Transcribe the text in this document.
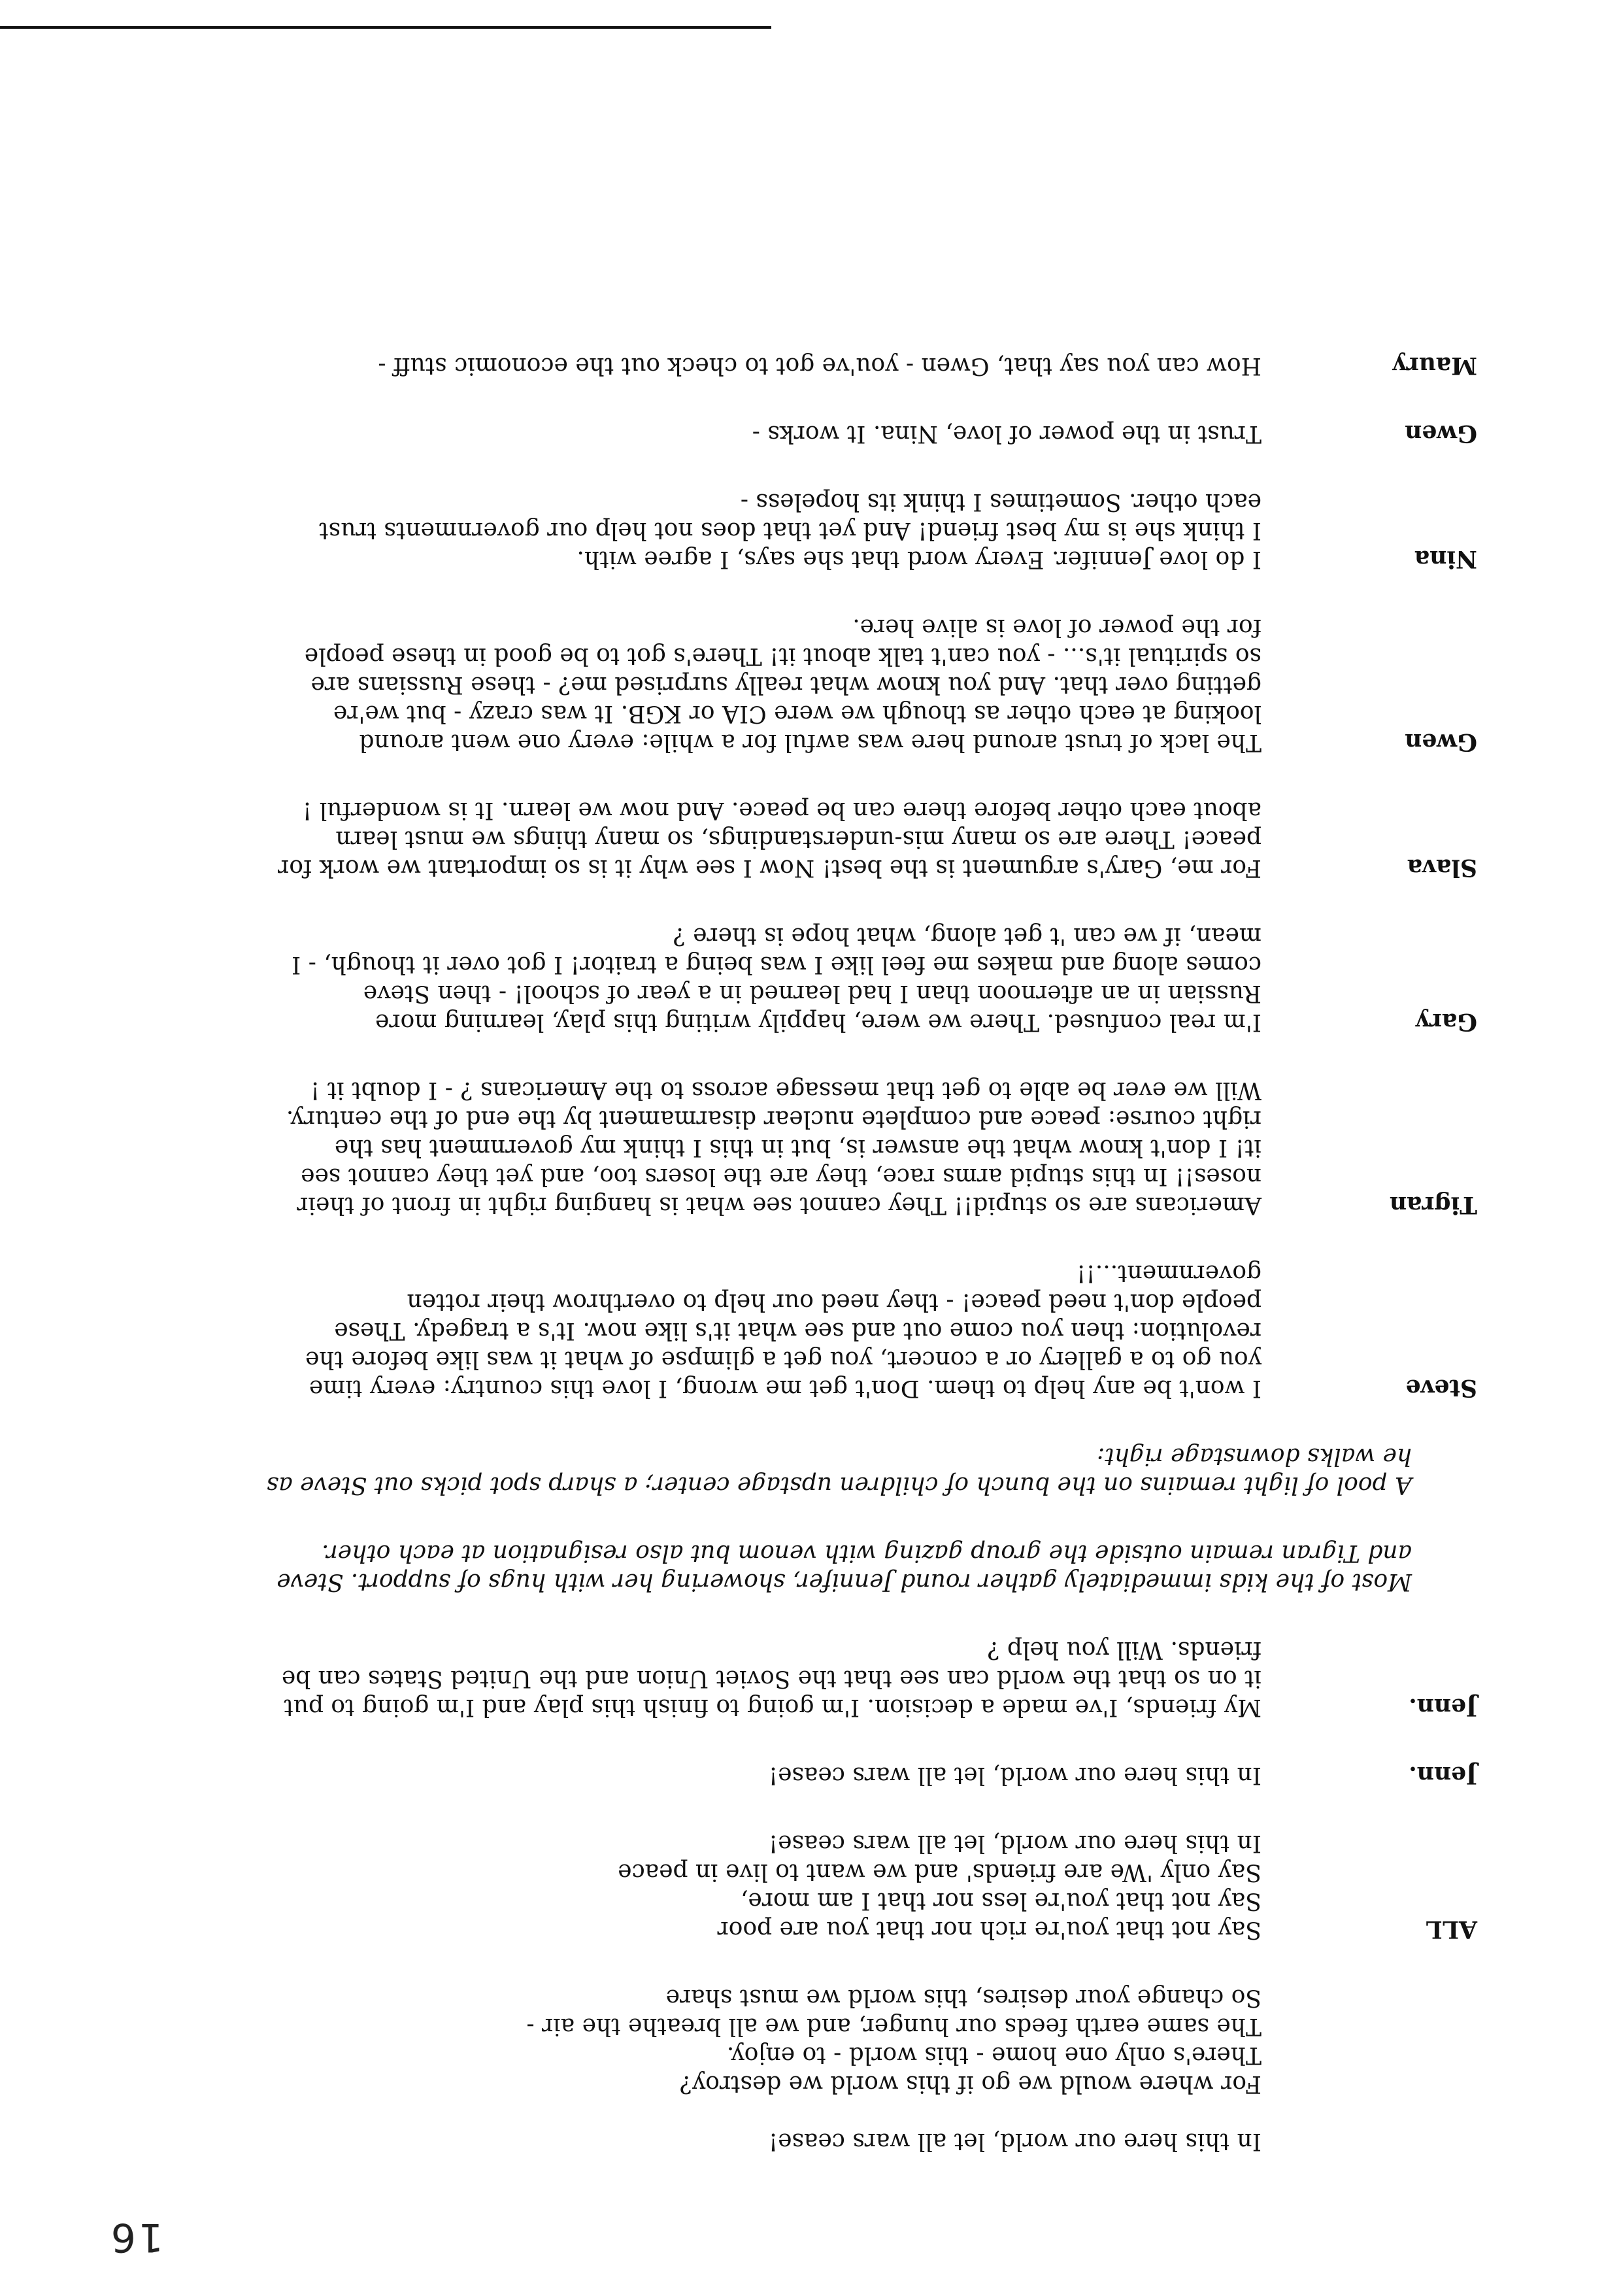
16
In this here our world, let all wars cease!
For where would we go if this world we destroy?
There's only one home - this world - to enjoy.
The same earth feeds our hunger, and we all breathe the air -
So change your desires, this world we must share
ALL
Say not that you're rich nor that you are poor
Say not that you're less nor that I am more,
Say only 'We are friends' and we want to live in peace
In this here our world, let all wars cease!
Jenn.
In this here our world, let all wars cease!
Jenn.
My friends, I've made a decision. I'm going to finish this play and I'm going to put
it on so that the world can see that the Soviet Union and the United States can be
friends. Will you help ?
Most of the kids immediately gather round Jennifer, showering her with hugs of support. Steve
and Tigran remain outside the group gazing with venom but also resignation at each other.
A pool of light remains on the bunch of children upstage center; a sharp spot picks out Steve as
he walks downstage right:
Steve
I won't be any help to them. Don't get me wrong, I love this country: every time
you go to a gallery or a concert, you get a glimpse of what it was like before the
revolution: then you come out and see what it's like now. It's a tragedy. These
people don't need peace! - they need our help to overthrow their rotten
government...!!
Tigran
Americans are so stupid!! They cannot see what is hanging right in front of their
noses!! In this stupid arms race, they are the losers too, and yet they cannot see
it! I don't know what the answer is, but in this I think my government has the
right course: peace and complete nuclear disarmament by the end of the century.
Will we ever be able to get that message across to the Americans ? - I doubt it !
Gary
I'm real confused. There we were, happily writing this play, learning more
Russian in an afternoon than I had learned in a year of school! - then Steve
comes along and makes me feel like I was being a traitor! I got over it though, - I
mean, if we can 't get along, what hope is there ?
Slava
For me, Gary's argument is the best! Now I see why it is so important we work for
peace! There are so many mis-understandings, so many things we must learn
about each other before there can be peace. And now we learn. It is wonderful !
Gwen
The lack of trust around here was awful for a while: every one went around
looking at each other as though we were CIA or KGB. It was crazy - but we're
getting over that. And you know what really surprised me? - these Russians are
so spiritual it's... - you can't talk about it! There's got to be good in these people
for the power of love is alive here.
Nina
I do love Jennifer. Every word that she says, I agree with.
I think she is my best friend! And yet that does not help our governments trust
each other. Sometimes I think its hopeless -
Gwen
Trust in the power of love, Nina. It works -
Maury
How can you say that, Gwen - you've got to check out the economic stuff -
